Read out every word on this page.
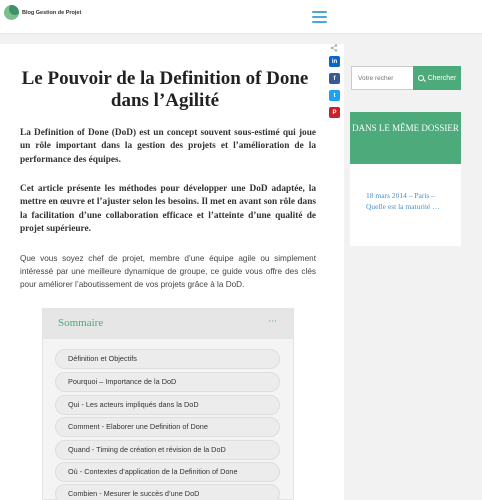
Blog Gestion de Projet
in
f
t
P
Le Pouvoir de la Definition of Done dans l’Agilité

La Definition of Done (DoD) est un concept souvent sous-estimé qui joue un rôle important dans la gestion des projets et l’amélioration de la performance des équipes.

Cet article présente les méthodes pour développer une DoD adaptée, la mettre en œuvre et l’ajuster selon les besoins. Il met en avant son rôle dans la facilitation d’une collaboration efficace et l’atteinte d’une qualité de projet supérieure.

Que vous soyez chef de projet, membre d’une équipe agile ou simplement intéressé par une meilleure dynamique de groupe, ce guide vous offre des clés pour améliorer l’aboutissement de vos projets grâce à la DoD.

Sommaire	···
Définition et Objectifs
Pourquoi – Importance de la DoD
Qui - Les acteurs impliqués dans la DoD
Comment - Elaborer une Definition of Done
Quand - Timing de création et révision de la DoD
Où - Contextes d’application de la Definition of Done
Combien - Mesurer le succès d’une DoD
Votre recher
Chercher
DANS LE MÊME DOSSIER
18 mars 2014 – Paris – Quelle est la maturité …
